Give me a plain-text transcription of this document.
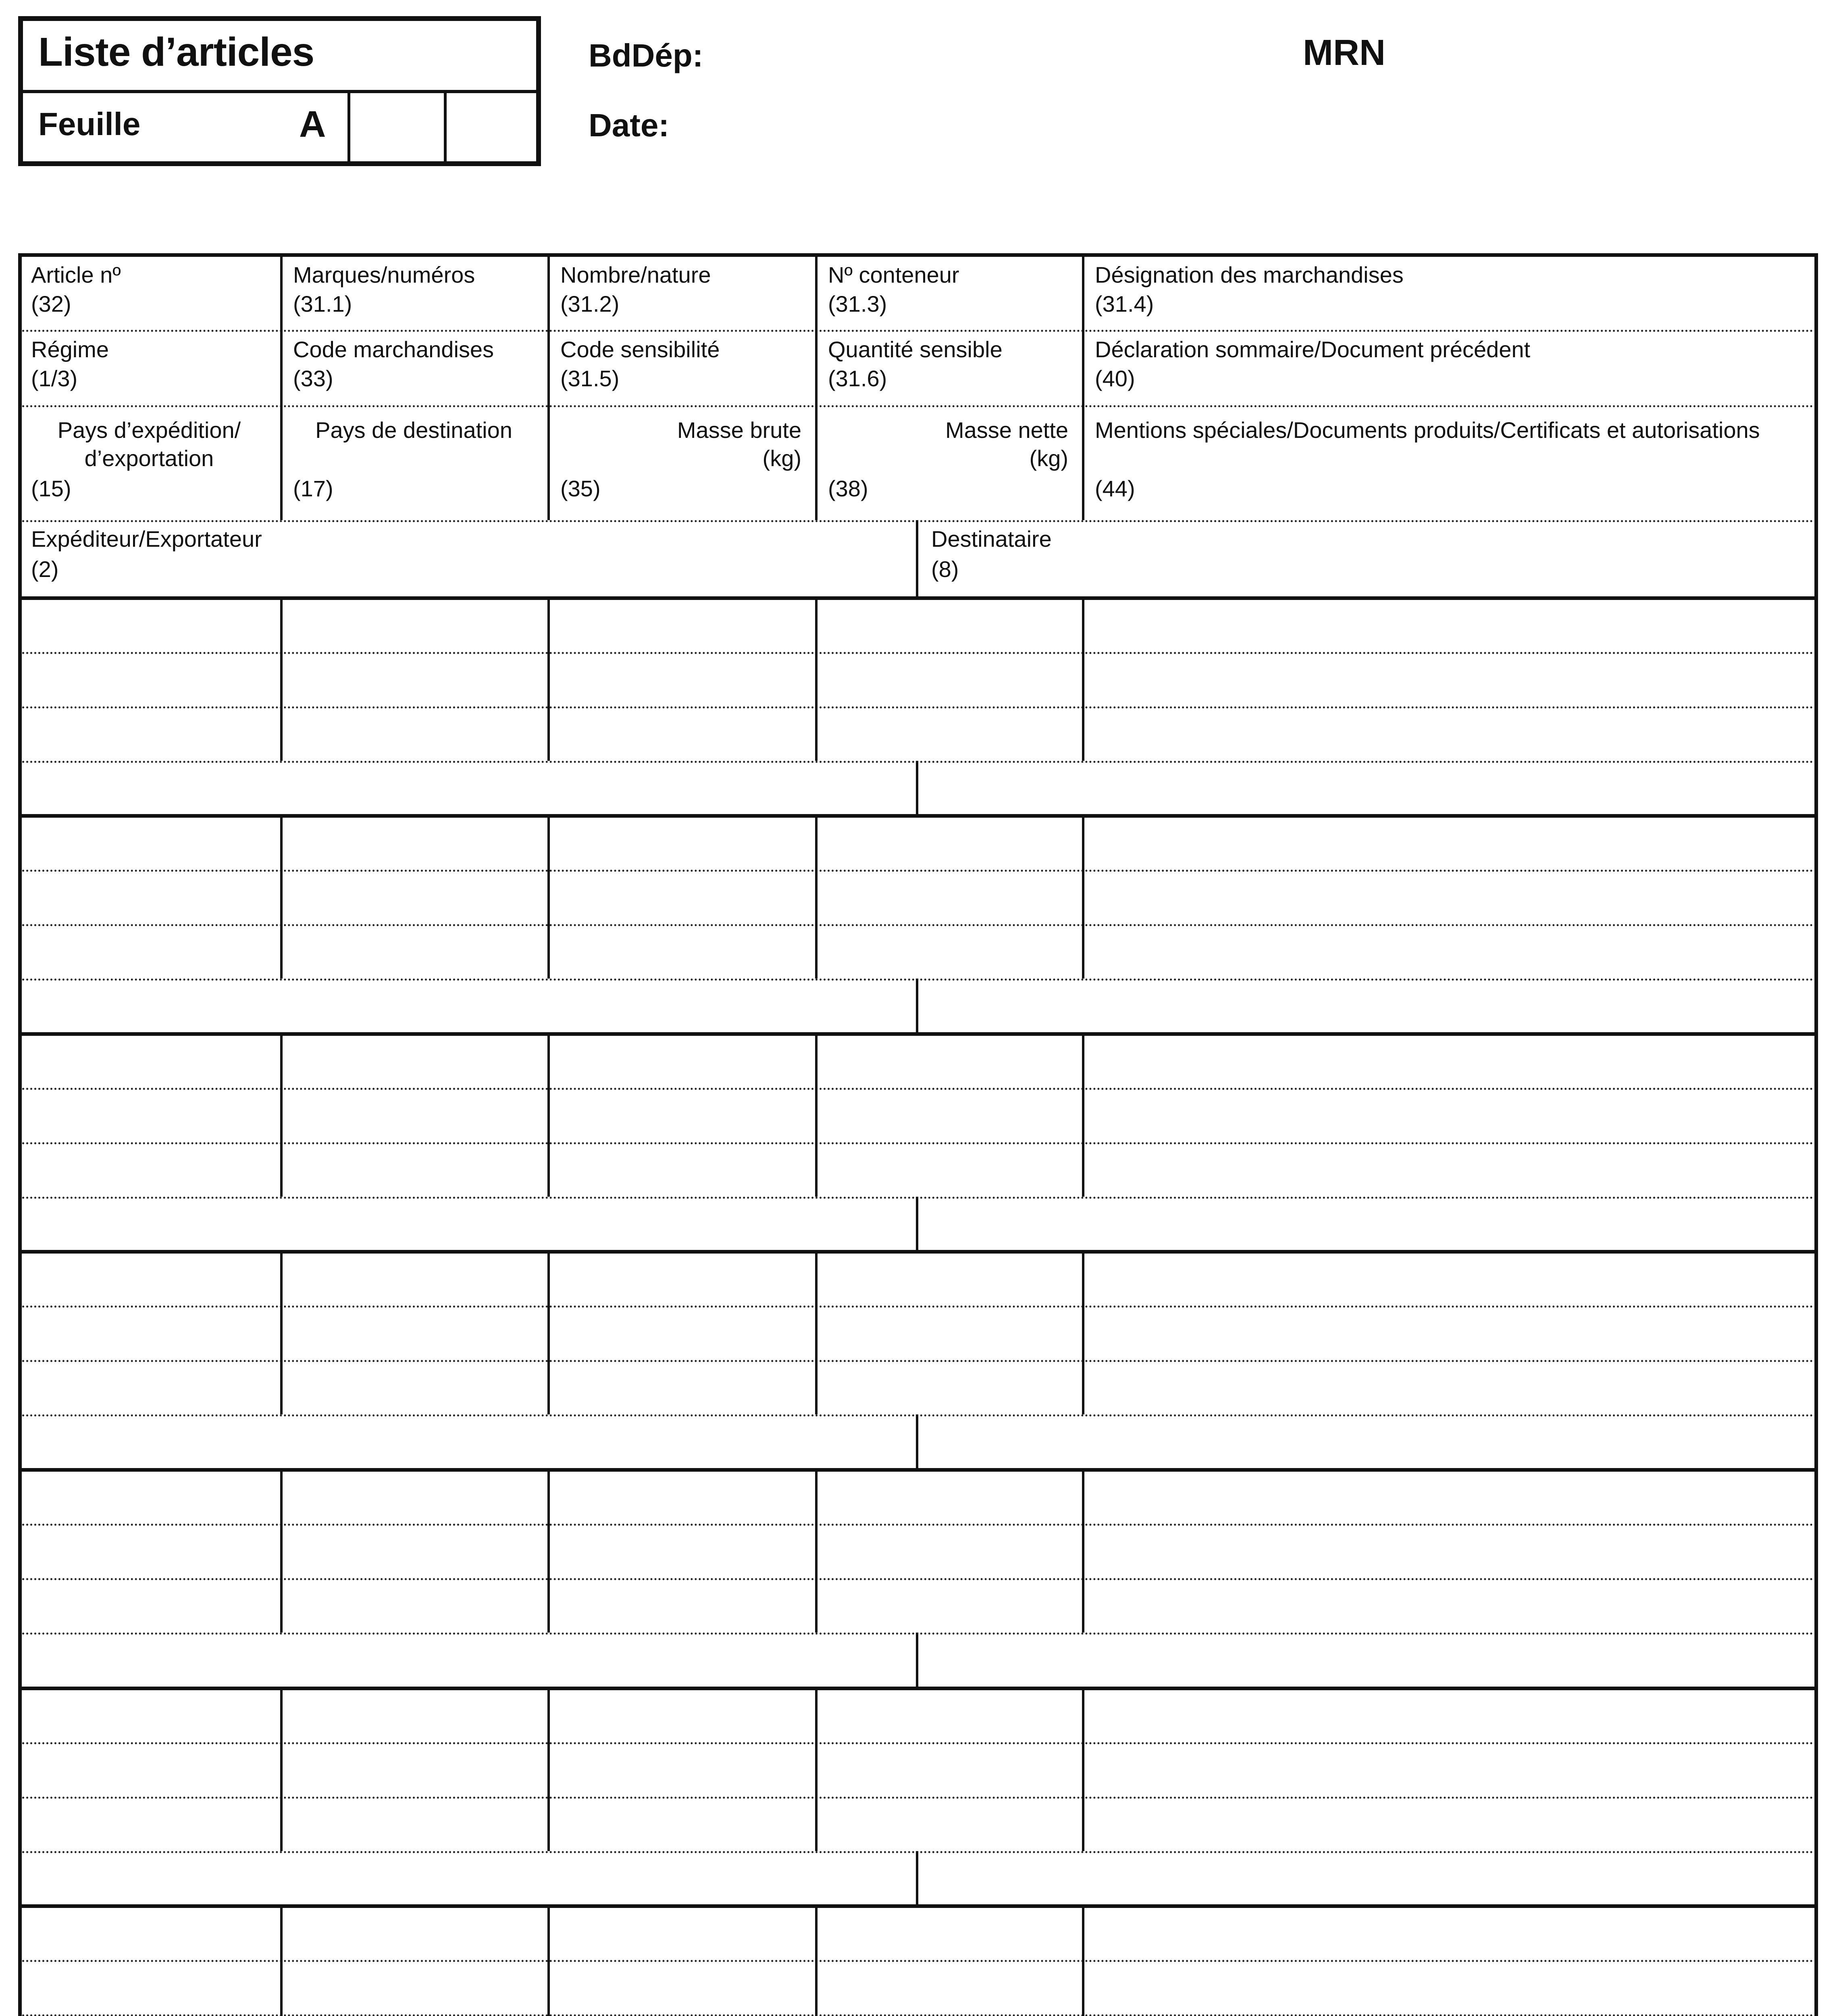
Liste d’articles
Feuille	A
BdDép:
Date:
MRN
Article nº
(32)
Marques/numéros
(31.1)
Nombre/nature
(31.2)
Nº conteneur
(31.3)
Désignation des marchandises
(31.4)
Régime
(1/3)
Code marchandises
(33)
Code sensibilité
(31.5)
Quantité sensible
(31.6)
Déclaration sommaire/Document précédent
(40)
Pays d’expédition/
d’exportation
(15)
Pays de destination
(17)
Masse brute
(kg)
(35)
Masse nette
(kg)
(38)
Mentions spéciales/Documents produits/Certificats et autorisations
(44)
Expéditeur/Exportateur
(2)
Destinataire
(8)
